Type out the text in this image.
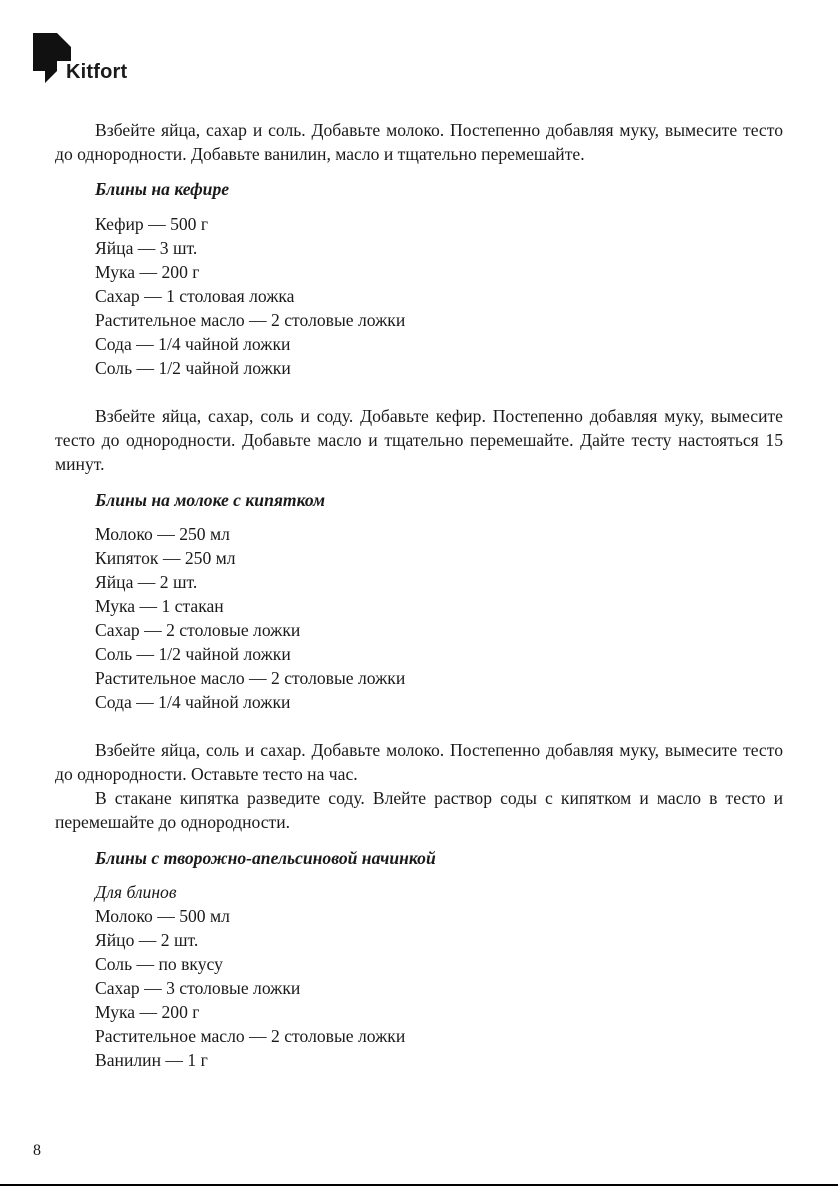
Kitfort

Взбейте яйца, сахар и соль. Добавьте молоко. Постепенно добавляя муку, вымесите тесто до однородности. Добавьте ванилин, масло и тщательно перемешайте.

Блины на кефире
Кефир — 500 г
Яйца — 3 шт.
Мука — 200 г
Сахар — 1 столовая ложка
Растительное масло — 2 столовые ложки
Сода — 1/4 чайной ложки
Соль — 1/2 чайной ложки

Взбейте яйца, сахар, соль и соду. Добавьте кефир. Постепенно добавляя муку, вымесите тесто до однородности. Добавьте масло и тщательно перемешайте. Дайте тесту настояться 15 минут.

Блины на молоке с кипятком
Молоко — 250 мл
Кипяток — 250 мл
Яйца — 2 шт.
Мука — 1 стакан
Сахар — 2 столовые ложки
Соль — 1/2 чайной ложки
Растительное масло — 2 столовые ложки
Сода — 1/4 чайной ложки

Взбейте яйца, соль и сахар. Добавьте молоко. Постепенно добавляя муку, вымесите тесто до однородности. Оставьте тесто на час.

В стакане кипятка разведите соду. Влейте раствор соды с кипятком и масло в тесто и перемешайте до однородности.

Блины с творожно-апельсиновой начинкой
Для блинов
Молоко — 500 мл
Яйцо — 2 шт.
Соль — по вкусу
Сахар — 3 столовые ложки
Мука — 200 г
Растительное масло — 2 столовые ложки
Ванилин — 1 г
8
